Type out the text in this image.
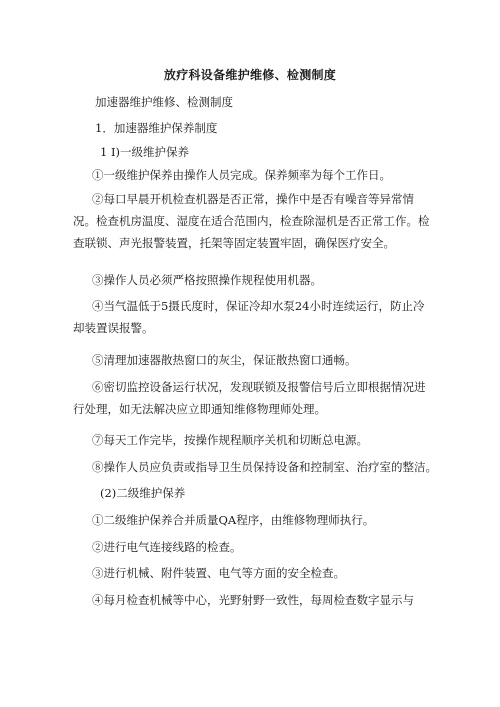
放疗科设备维护维修、检测制度
加速器维护维修、检测制度
1．加速器维护保养制度
1 I)一级维护保养
①一级维护保养由操作人员完成。保养频率为每个工作日。
②每口早晨开机检查机器是否正常，操作中是否有噪音等异常情况。检查机房温度、湿度在适合范围内，检查除湿机是否正常工作。检查联锁、声光报警装置，托架等固定装置牢固，确保医疗安全。
③操作人员必须严格按照操作规程使用机器。
④当气温低于5摄氏度时，保证冷却水泵24小时连续运行，防止冷却装置误报警。
⑤清理加速器散热窗口的灰尘，保证散热窗口通畅。
⑥密切监控设备运行状况，发现联锁及报警信号后立即根据情况进行处理，如无法解决应立即通知维修物理师处理。
⑦每天工作完毕，按操作规程顺序关机和切断总电源。
⑧操作人员应负责或指导卫生员保持设备和控制室、治疗室的整洁。
(2)二级维护保养
①二级维护保养合并质量QA程序，由维修物理师执行。
②进行电气连接线路的检查。
③进行机械、附件装置、电气等方面的安全检查。
④每月检查机械等中心，光野射野一致性，每周检查数字显示与
